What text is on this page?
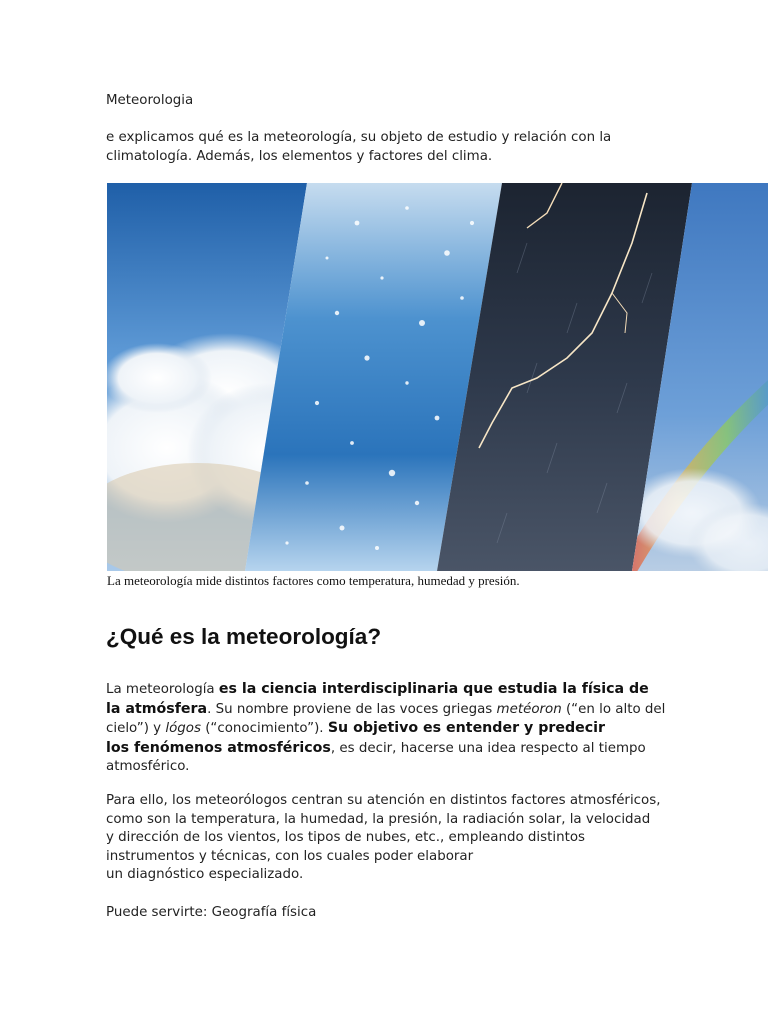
Meteorologia
e explicamos qué es la meteorología, su objeto de estudio y relación con la
climatología. Además, los elementos y factores del clima.
La meteorología mide distintos factores como temperatura, humedad y presión.
¿Qué es la meteorología?
La meteorología es la ciencia interdisciplinaria que estudia la física de
la atmósfera. Su nombre proviene de las voces griegas metéoron (“en lo alto del
cielo”) y lógos (“conocimiento”). Su objetivo es entender y predecir
los fenómenos atmosféricos, es decir, hacerse una idea respecto al tiempo
atmosférico.
Para ello, los meteorólogos centran su atención en distintos factores atmosféricos,
como son la temperatura, la humedad, la presión, la radiación solar, la velocidad
y dirección de los vientos, los tipos de nubes, etc., empleando distintos
instrumentos y técnicas, con los cuales poder elaborar
un diagnóstico especializado.
Puede servirte: Geografía física
